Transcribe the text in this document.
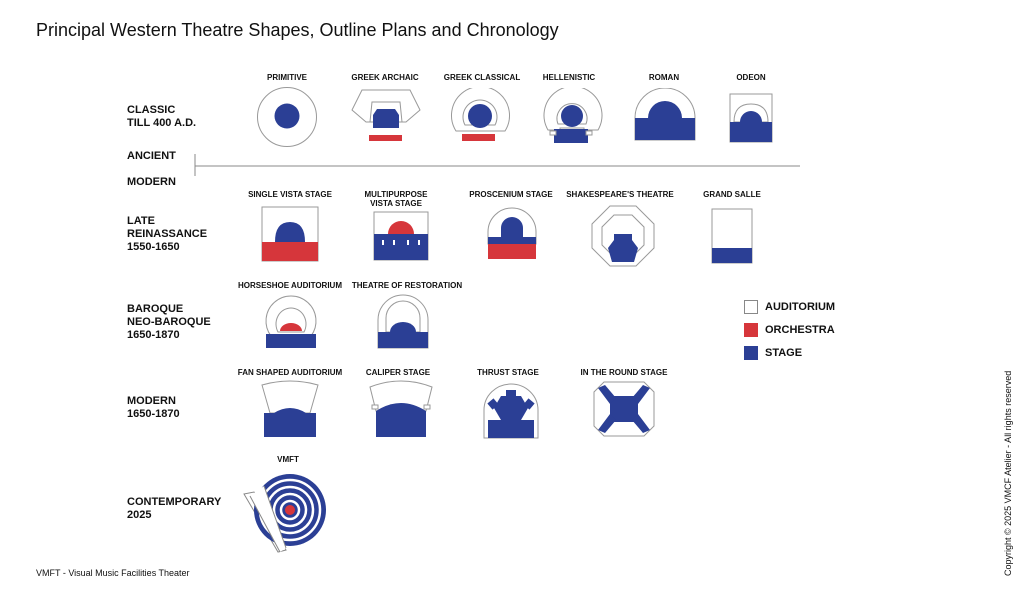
Principal Western Theatre Shapes, Outline Plans and Chronology
CLASSIC
TILL 400 A.D.
ANCIENT
MODERN
LATE
REINASSANCE
1550-1650
BAROQUE
NEO-BAROQUE
1650-1870
MODERN
1650-1870
CONTEMPORARY
2025
PRIMITIVE	GREEK ARCHAIC	GREEK CLASSICAL	HELLENISTIC	ROMAN	ODEON
SINGLE VISTA STAGE	MULTIPURPOSE
VISTA STAGE
PROSCENIUM STAGE	SHAKESPEARE'S THEATRE	GRAND SALLE
HORSESHOE AUDITORIUM	THEATRE OF RESTORATION
FAN SHAPED AUDITORIUM	CALIPER STAGE	THRUST STAGE	IN THE ROUND STAGE
VMFT
AUDITORIUM
ORCHESTRA
STAGE
VMFT - Visual Music Facilities Theater	Copyright © 2025 VMCF Atelier - All rights reserved
